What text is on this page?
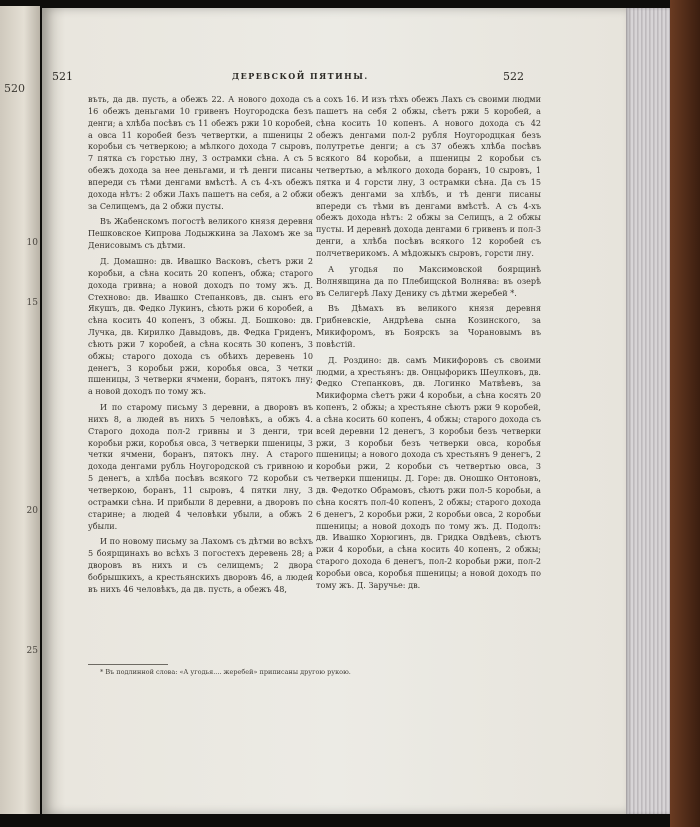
520
10
15
20
25
521	ДЕРЕВСКОЙ ПЯТИНЫ.	522

въть, да дв. пусть, а обежъ 22. А нового дохода съ 16 обежъ деньгами 10 гривенъ Ноугородска безъ денги; а хлѣба посѣвъ съ 11 обежъ ржи 10 коробей, а овса 11 коробей безъ четвертки, а пшеницы 2 коробьи съ четверкою; а мѣлкого дохода 7 сыровъ, 7 пятка съ горстью лну, 3 острамки сѣна. А съ 5 обежъ дохода за нее деньгами, и тѣ денги писаны впереди съ тѣми денгами вмѣстѣ. А съ 4-хъ обежъ дохода нѣтъ: 2 обжи Лахъ пашетъ на себя, а 2 обжи за Селищемъ, да 2 обжи пусты.

Въ Жабенскомъ погостѣ великого князя деревня Пешковское Кипрова Лодыжкина за Лахомъ же за Денисовымъ съ дѣтми.

Д. Домашно: дв. Ивашко Васковъ, сѣетъ ржи 2 коробьи, а сѣна косить 20 копенъ, обжа; старого дохода гривна; а новой доходъ по тому жъ. Д. Стехново: дв. Ивашко Степанковъ, дв. сынъ его Якушъ, дв. Федко Лукинъ, сѣють ржи 6 коробей, а сѣна косить 40 копенъ, 3 обжы. Д. Бошково: дв. Лучка, дв. Кирилко Давыдовъ, дв. Федка Гриденъ, сѣють ржи 7 коробей, а сѣна косять 30 копенъ, 3 обжы; старого дохода съ обѣихъ деревень 10 денегъ, 3 коробьи ржи, коробья овса, 3 четки пшеницы, 3 четверки ячмени, боранъ, пятокъ лну; а новой доходъ по тому жъ.

И по старому письму 3 деревни, а дворовъ въ нихъ 8, а людей въ нихъ 5 человѣкъ, а обжъ 4. Старого дохода пол-2 гривны и 3 денги, три коробьи ржи, коробья овса, 3 четверки пшеницы, 3 четки ячмени, боранъ, пятокъ лну. А старого дохода денгами рубль Ноугородской съ гривною и 5 денегъ, а хлѣба посѣвъ всякого 72 коробьи съ четверкою, боранъ, 11 сыровъ, 4 пятки лну, 3 острамки сѣна. И прибыли 8 деревни, а дворовъ по старине; а людей 4 человѣки убыли, а обжъ 2 убыли.

И по новому письму за Лахомъ съ дѣтми во всѣхъ 5 боярщинахъ во всѣхъ 3 погостехъ деревень 28; а дворовъ въ нихъ и съ селищемъ; 2 двора бобрышкихъ, а крестьянскихъ дворовъ 46, а людей въ нихъ 46 человѣкъ, да дв. пусть, а обежъ 48,

а сохъ 16. И изъ тѣхъ обежъ Лахъ съ своими людми пашетъ на себя 2 обжы, сѣетъ ржи 5 коробей, а сѣна косить 10 копенъ. А нового дохода съ 42 обежъ денгами пол-2 рубля Ноугородцкая безъ полутретье денги; а съ 37 обежъ хлѣба посѣвъ всякого 84 коробьи, а пшеницы 2 коробьи съ четвертью, а мѣлкого дохода боранъ, 10 сыровъ, 1 пятка и 4 горсти лну, 3 острамки сѣна. Да съ 15 обежъ денгами за хлѣбъ, и тѣ денги писаны впереди съ тѣми въ денгами вмѣстѣ. А съ 4-хъ обежъ дохода нѣтъ: 2 обжы за Селищъ, а 2 обжы пусты. И деревнѣ дохода денгами 6 гривенъ и пол-3 денги, а хлѣба посѣвъ всякого 12 коробей съ полчетверикомъ. А мѣдожыкъ сыровъ, горсти лну.

А угодья по Максимовской боярщинѣ Волнявщина да по Плебищской Волнява: въ озерѣ въ Селигерѣ Лаху Денику съ дѣтми жеребей *.

Въ Дѣмахъ въ великого князя деревня Грибневскіе, Андрѣева сына Козинского, за Микифоромъ, въ Боярскъ за Чорановымъ въ повѣстій.

Д. Роздино: дв. самъ Микифоровъ съ своими людми, а хрестьянъ: дв. Онцыфорикъ Шеулковъ, дв. Федко Степанковъ, дв. Логинко Матвѣевъ, за Микиформа сѣетъ ржи 4 коробьи, а сѣна косять 20 копенъ, 2 обжы; а хрестьяне сѣютъ ржи 9 коробей, а сѣна косить 60 копенъ, 4 обжы; старого дохода съ всей деревни 12 денегъ, 3 коробьи безъ четверки ржи, 3 коробьи безъ четверки овса, коробья пшеницы; а нового дохода съ хрестьянъ 9 денегъ, 2 коробьи ржи, 2 коробьи съ четвертью овса, 3 четверки пшеницы. Д. Горе: дв. Оношко Онтоновъ, дв. Федотко Обрамовъ, сѣютъ ржи пол-5 коробьи, а сѣна косятъ пол-40 копенъ, 2 обжы; старого дохода 6 денегъ, 2 коробьи ржи, 2 коробьи овса, 2 коробьи пшеницы; а новой доходъ по тому жъ. Д. Подолъ: дв. Ивашко Хорюгинъ, дв. Гридка Овдѣевъ, сѣютъ ржи 4 коробьи, а сѣна косить 40 копенъ, 2 обжы; старого дохода 6 денегъ, пол-2 коробьи ржи, пол-2 коробьи овса, коробья пшеницы; а новой доходъ по тому жъ. Д. Заручье: дв.

* Въ подлинной слова: «А угодья.... жеребей» приписаны другою рукою.
